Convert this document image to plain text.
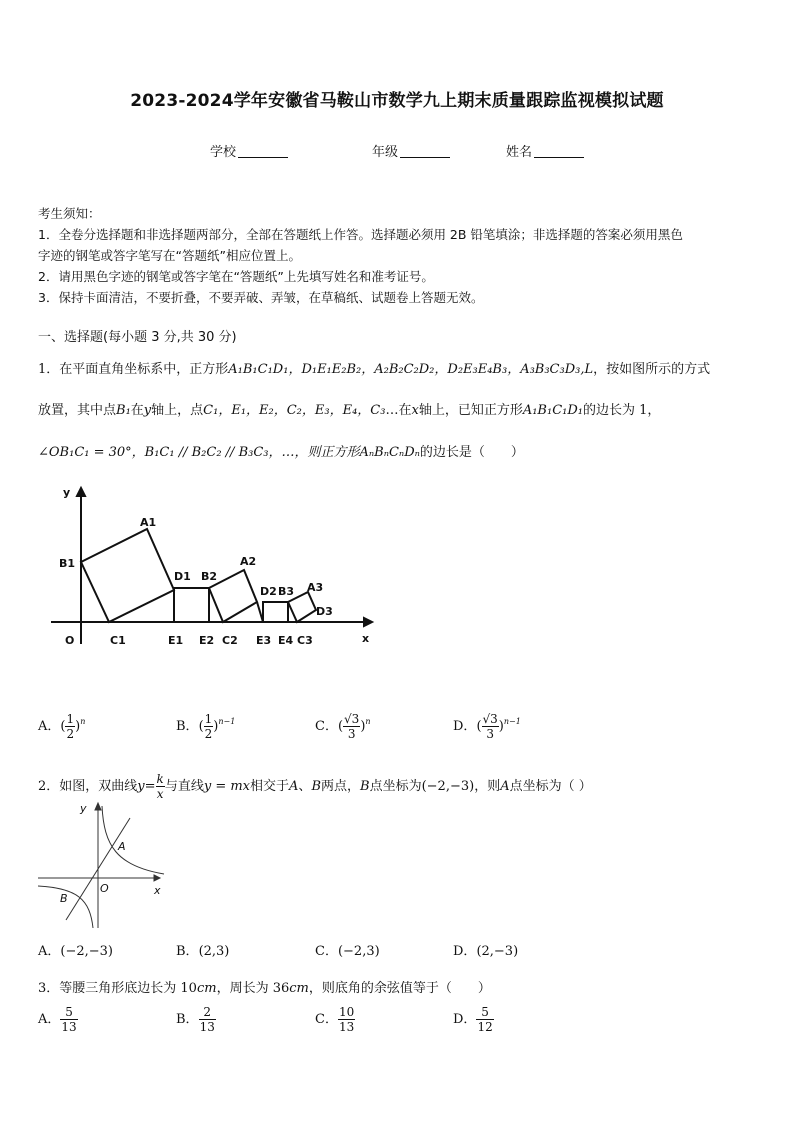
2023-2024学年安徽省马鞍山市数学九上期末质量跟踪监视模拟试题
学校	年级	姓名

考生须知：

1．全卷分选择题和非选择题两部分，全部在答题纸上作答。选择题必须用 2B 铅笔填涂；非选择题的答案必须用黑色

字迹的钢笔或答字笔写在“答题纸”相应位置上。

2．请用黑色字迹的钢笔或答字笔在“答题纸”上先填写姓名和准考证号。

3．保持卡面清洁，不要折叠，不要弄破、弄皱，在草稿纸、试题卷上答题无效。

一、选择题(每小题 3 分,共 30 分)
1．在平面直角坐标系中，正方形A₁B₁C₁D₁，D₁E₁E₂B₂，A₂B₂C₂D₂，D₂E₃E₄B₃，A₃B₃C₃D₃,L，按如图所示的方式
放置，其中点B₁在y轴上，点C₁，E₁，E₂，C₂，E₃，E₄，C₃…在x轴上，已知正方形A₁B₁C₁D₁的边长为 1，
∠OB₁C₁ = 30°，B₁C₁ // B₂C₂ // B₃C₃，…，则正方形AₙBₙCₙDₙ的边长是（　　）
y
x
O
A1
B1
C1
D1 B2
A2
D2 B3 A3
D3
E1 E2 C2 E3 E4 C3
A．( $\frac{1}{2} )^n$	B．( $\frac{1}{2} )^{n-1}$	C．( $\frac{√3}{3} )^n$	D．( $\frac{√3}{3} )^{n-1}$
2．如图，双曲线$y= \frac{k}{x}$ 与直线y = mx相交于A、B两点，B点坐标为(−2,−3)，则A点坐标为（ ）
y
x
O
A
B
A．(−2,−3)	B．(2,3)	C．(−2,3)	D．(2,−3)
3．等腰三角形底边长为 10cm，周长为 36cm，则底角的余弦值等于（　　）
A． $\frac{5}{13}$	B． $\frac{2}{13}$	C． $\frac{10}{13}$	D． $\frac{5}{12}$
